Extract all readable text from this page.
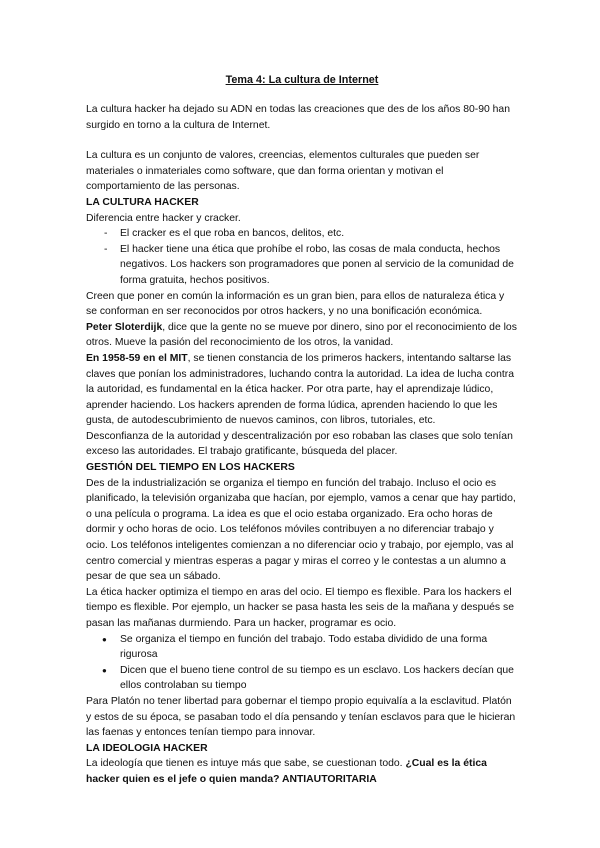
Tema 4: La cultura de Internet

La cultura hacker ha dejado su ADN en todas las creaciones que des de los años 80-90 han surgido en torno a la cultura de Internet.

La cultura es un conjunto de valores, creencias, elementos culturales que pueden ser materiales o inmateriales como software, que dan forma orientan y motivan el comportamiento de las personas.

LA CULTURA HACKER

Diferencia entre hacker y cracker.

- El cracker es el que roba en bancos, delitos, etc.
- El hacker tiene una ética que prohíbe el robo, las cosas de mala conducta, hechos negativos. Los hackers son programadores que ponen al servicio de la comunidad de forma gratuita, hechos positivos.

Creen que poner en común la información es un gran bien, para ellos de naturaleza ética y se conforman en ser reconocidos por otros hackers, y no una bonificación económica.

Peter Sloterdijk, dice que la gente no se mueve por dinero, sino por el reconocimiento de los otros. Mueve la pasión del reconocimiento de los otros, la vanidad.

En 1958-59 en el MIT, se tienen constancia de los primeros hackers, intentando saltarse las claves que ponían los administradores, luchando contra la autoridad. La idea de lucha contra la autoridad, es fundamental en la ética hacker. Por otra parte, hay el aprendizaje lúdico, aprender haciendo. Los hackers aprenden de forma lúdica, aprenden haciendo lo que les gusta, de autodescubrimiento de nuevos caminos, con libros, tutoriales, etc.

Desconfianza de la autoridad y descentralización por eso robaban las clases que solo tenían exceso las autoridades. El trabajo gratificante, búsqueda del placer.

GESTIÓN DEL TIEMPO EN LOS HACKERS

Des de la industrialización se organiza el tiempo en función del trabajo. Incluso el ocio es planificado, la televisión organizaba que hacían, por ejemplo, vamos a cenar que hay partido, o una película o programa. La idea es que el ocio estaba organizado. Era ocho horas de dormir y ocho horas de ocio. Los teléfonos móviles contribuyen a no diferenciar trabajo y ocio. Los teléfonos inteligentes comienzan a no diferenciar ocio y trabajo, por ejemplo, vas al centro comercial y mientras esperas a pagar y miras el correo y le contestas a un alumno a pesar de que sea un sábado.

La ética hacker optimiza el tiempo en aras del ocio. El tiempo es flexible. Para los hackers el tiempo es flexible. Por ejemplo, un hacker se pasa hasta les seis de la mañana y después se pasan las mañanas durmiendo. Para un hacker, programar es ocio.

● Se organiza el tiempo en función del trabajo. Todo estaba dividido de una forma rigurosa
● Dicen que el bueno tiene control de su tiempo es un esclavo. Los hackers decían que ellos controlaban su tiempo

Para Platón no tener libertad para gobernar el tiempo propio equivalía a la esclavitud. Platón y estos de su época, se pasaban todo el día pensando y tenían esclavos para que le hicieran las faenas y entonces tenían tiempo para innovar.

LA IDEOLOGIA HACKER

La ideología que tienen es intuye más que sabe, se cuestionan todo. ¿Cual es la ética hacker quien es el jefe o quien manda? ANTIAUTORITARIA
